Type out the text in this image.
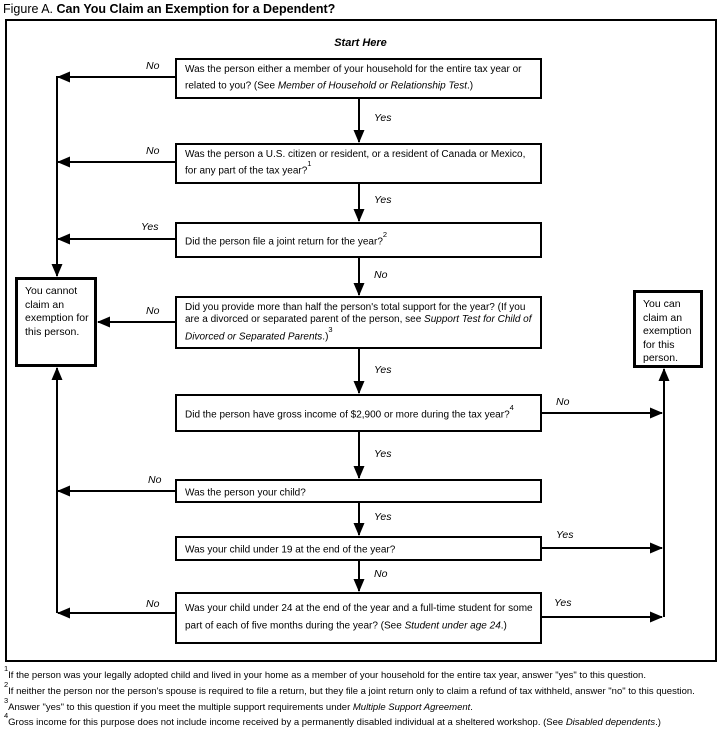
Figure A. Can You Claim an Exemption for a Dependent?
Start Here

Was the person either a member of your household for the entire tax year or related to you? (See Member of Household or Relationship Test.)

Was the person a U.S. citizen or resident, or a resident of Canada or Mexico, for any part of the tax year?$^1$

Did the person file a joint return for the year?$^2$

Did you provide more than half the person's total support for the year? (If you are a divorced or separated parent of the person, see Support Test for Child of Divorced or Separated Parents.)$^3$

Did the person have gross income of $2,900 or more during the tax year?$^4$

Was the person your child?

Was your child under 19 at the end of the year?

Was your child under 24 at the end of the year and a full-time student for some part of each of five months during the year? (See Student under age 24.)

You cannot claim an exemption for this person.
You can claim an exemption for this person.
No
Yes
No
Yes
Yes
No
No
Yes
No
Yes
No
Yes
Yes
No
No	Yes
$^1$If the person was your legally adopted child and lived in your home as a member of your household for the entire tax year, answer "yes" to this question.
$^2$If neither the person nor the person's spouse is required to file a return, but they file a joint return only to claim a refund of tax withheld, answer "no" to this question.
$^3$Answer "yes" to this question if you meet the multiple support requirements under Multiple Support Agreement.
$^4$Gross income for this purpose does not include income received by a permanently disabled individual at a sheltered workshop. (See Disabled dependents.)
